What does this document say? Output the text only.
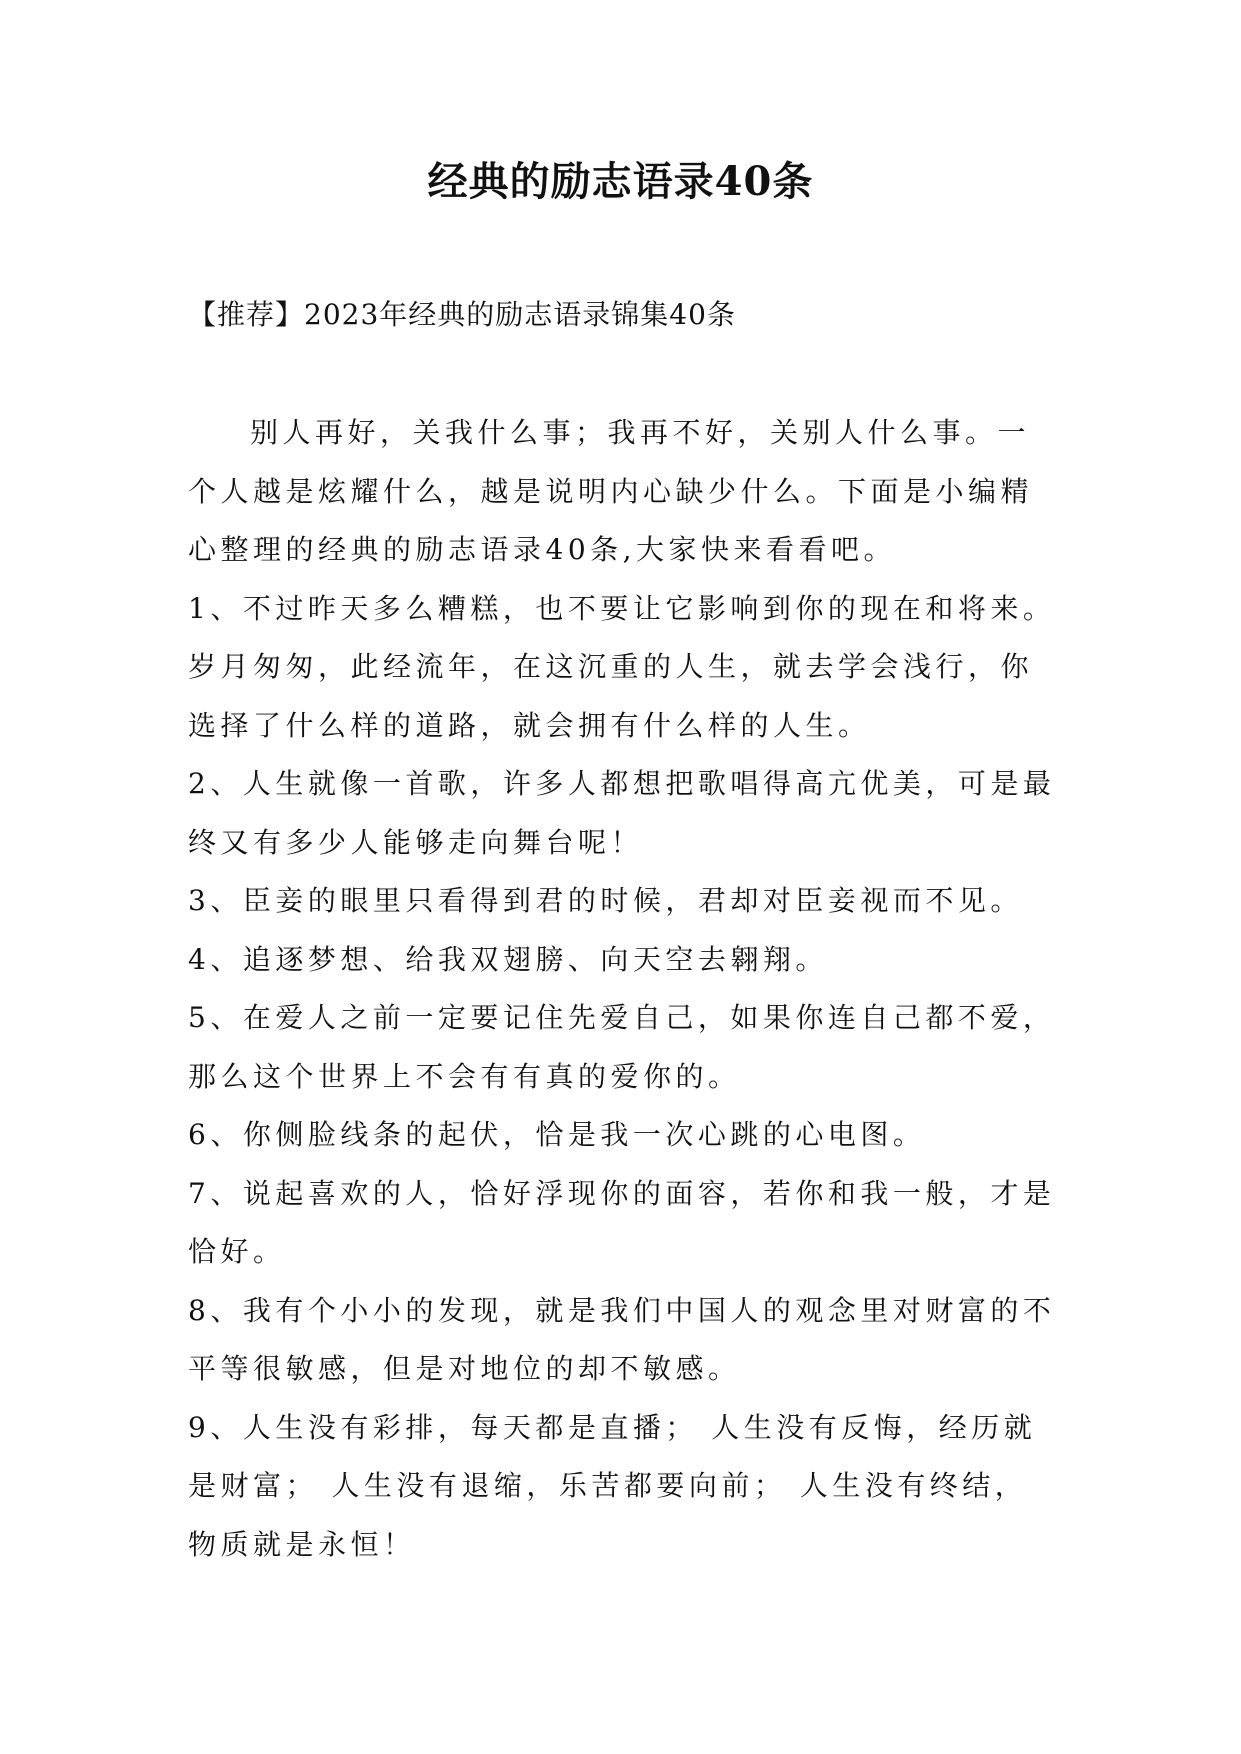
经典的励志语录40条
【推荐】2023年经典的励志语录锦集40条

别人再好，关我什么事；我再不好，关别人什么事。一个人越是炫耀什么，越是说明内心缺少什么。下面是小编精心整理的经典的励志语录40条,大家快来看看吧。

1、不过昨天多么糟糕，也不要让它影响到你的现在和将来。岁月匆匆，此经流年，在这沉重的人生，就去学会浅行，你选择了什么样的道路，就会拥有什么样的人生。

2、人生就像一首歌，许多人都想把歌唱得高亢优美，可是最终又有多少人能够走向舞台呢！

3、臣妾的眼里只看得到君的时候，君却对臣妾视而不见。

4、追逐梦想、给我双翅膀、向天空去翱翔。

5、在爱人之前一定要记住先爱自己，如果你连自己都不爱，那么这个世界上不会有有真的爱你的。

6、你侧脸线条的起伏，恰是我一次心跳的心电图。

7、说起喜欢的人，恰好浮现你的面容，若你和我一般，才是恰好。

8、我有个小小的发现，就是我们中国人的观念里对财富的不平等很敏感，但是对地位的却不敏感。

9、人生没有彩排，每天都是直播； 人生没有反悔，经历就是财富； 人生没有退缩，乐苦都要向前； 人生没有终结，物质就是永恒！
